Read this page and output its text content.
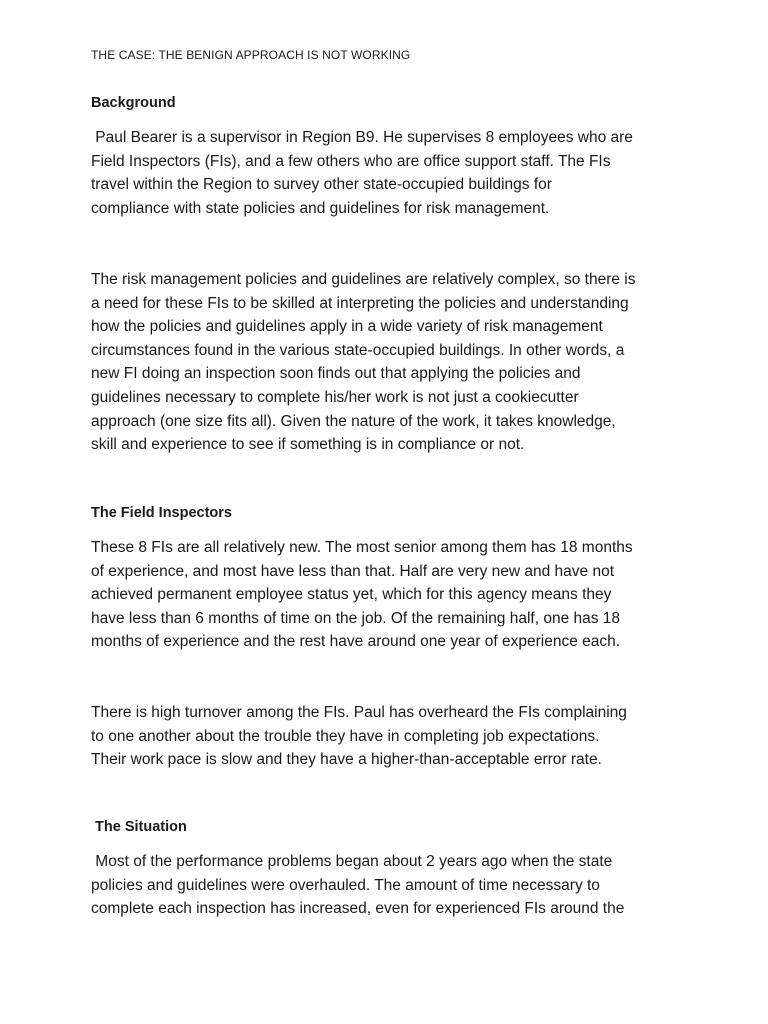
THE CASE: THE BENIGN APPROACH IS NOT WORKING
Background
Paul Bearer is a supervisor in Region B9. He supervises 8 employees who are
Field Inspectors (FIs), and a few others who are office support staff. The FIs
travel within the Region to survey other state-occupied buildings for
compliance with state policies and guidelines for risk management.
The risk management policies and guidelines are relatively complex, so there is
a need for these FIs to be skilled at interpreting the policies and understanding
how the policies and guidelines apply in a wide variety of risk management
circumstances found in the various state-occupied buildings. In other words, a
new FI doing an inspection soon finds out that applying the policies and
guidelines necessary to complete his/her work is not just a cookiecutter
approach (one size fits all). Given the nature of the work, it takes knowledge,
skill and experience to see if something is in compliance or not.
The Field Inspectors
These 8 FIs are all relatively new. The most senior among them has 18 months
of experience, and most have less than that. Half are very new and have not
achieved permanent employee status yet, which for this agency means they
have less than 6 months of time on the job. Of the remaining half, one has 18
months of experience and the rest have around one year of experience each.
There is high turnover among the FIs. Paul has overheard the FIs complaining
to one another about the trouble they have in completing job expectations.
Their work pace is slow and they have a higher-than-acceptable error rate.
The Situation
Most of the performance problems began about 2 years ago when the state
policies and guidelines were overhauled. The amount of time necessary to
complete each inspection has increased, even for experienced FIs around the
